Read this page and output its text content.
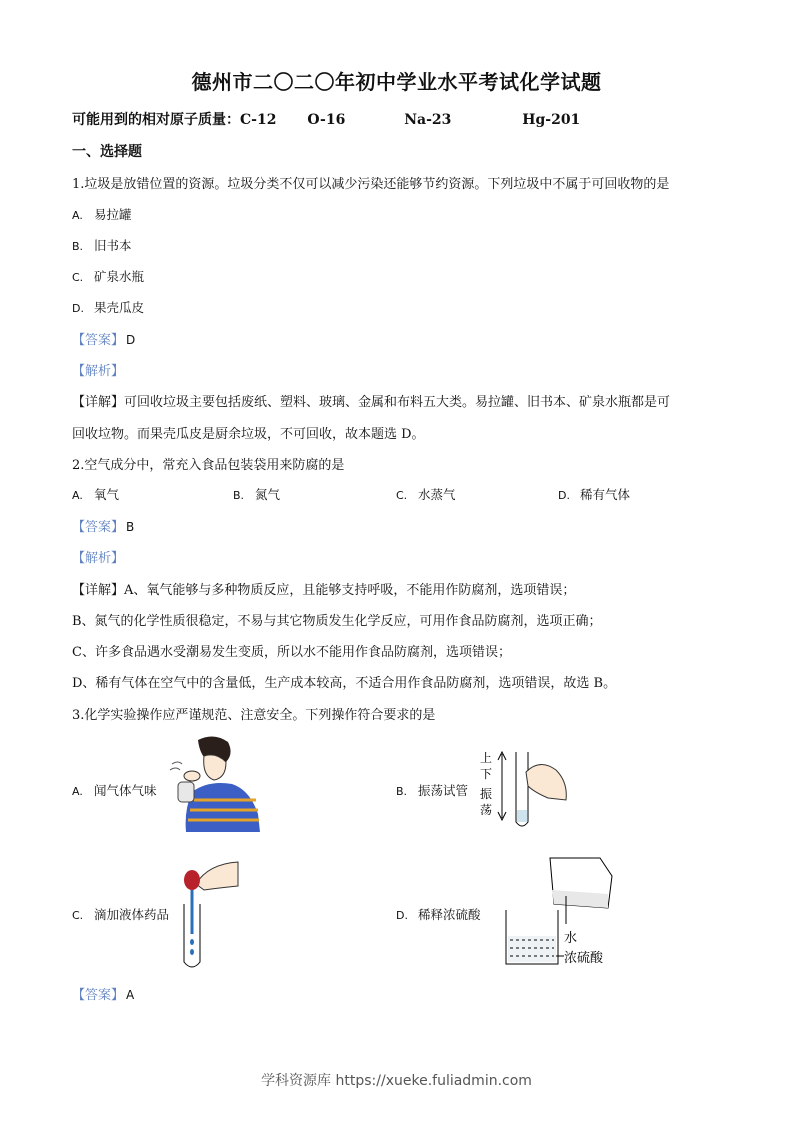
德州市二〇二〇年初中学业水平考试化学试题
可能用到的相对原子质量：C-12 O-16	Na-23	Hg-201
一、选择题
1.垃圾是放错位置的资源。垃圾分类不仅可以减少污染还能够节约资源。下列垃圾中不属于可回收物的是
A. 易拉罐
B. 旧书本
C. 矿泉水瓶
D. 果壳瓜皮
【答案】 D
【解析】
【详解】可回收垃圾主要包括废纸、塑料、玻璃、金属和布料五大类。易拉罐、旧书本、矿泉水瓶都是可
回收垃物。而果壳瓜皮是厨余垃圾，不可回收，故本题选 D。
2.空气成分中，常充入食品包装袋用来防腐的是
A. 氧气	B. 氮气	C. 水蒸气	D. 稀有气体
【答案】 B
【解析】
【详解】A、氧气能够与多种物质反应，且能够支持呼吸，不能用作防腐剂，选项错误；
B、氮气的化学性质很稳定，不易与其它物质发生化学反应，可用作食品防腐剂，选项正确；
C、许多食品遇水受潮易发生变质，所以水不能用作食品防腐剂，选项错误；
D、稀有气体在空气中的含量低，生产成本较高，不适合用作食品防腐剂，选项错误，故选 B。
3.化学实验操作应严谨规范、注意安全。下列操作符合要求的是
A. 闻气体气味	B. 振荡试管
C. 滴加液体药品	D. 稀释浓硫酸
上
下
振
荡
水
浓硫酸
【答案】 A
学科资源库 https://xueke.fuliadmin.com
